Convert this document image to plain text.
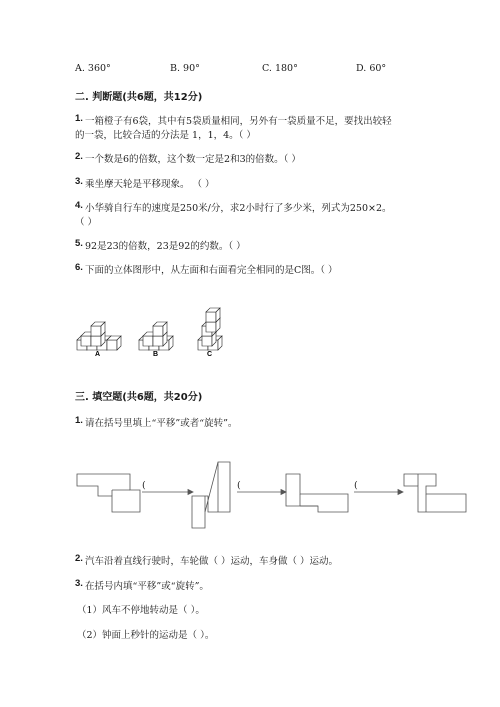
A. 360°	B. 90°	C. 180°	D. 60°
二. 判断题(共6题，共12分)
1. 一箱橙子有6袋，其中有5袋质量相同，另外有一袋质量不足，要找出较轻
的一袋，比较合适的分法是 1，1，4。（ ）
2. 一个数是6的倍数，这个数一定是2和3的倍数。（ ）
3. 乘坐摩天轮是平移现象。 （ ）
4. 小华骑自行车的速度是250米/分，求2小时行了多少米，列式为250×2。
（ ）
5. 92是23的倍数，23是92的约数。（ ）
6. 下面的立体图形中，从左面和右面看完全相同的是C图。（ ）
A	B	C
三. 填空题(共6题，共20分)
1. 请在括号里填上“平移”或者“旋转”。
(	(	(
2. 汽车沿着直线行驶时，车轮做（ ）运动，车身做（ ）运动。
3. 在括号内填“平移”或“旋转”。
（1）风车不停地转动是（ ）。
（2）钟面上秒针的运动是（ ）。
